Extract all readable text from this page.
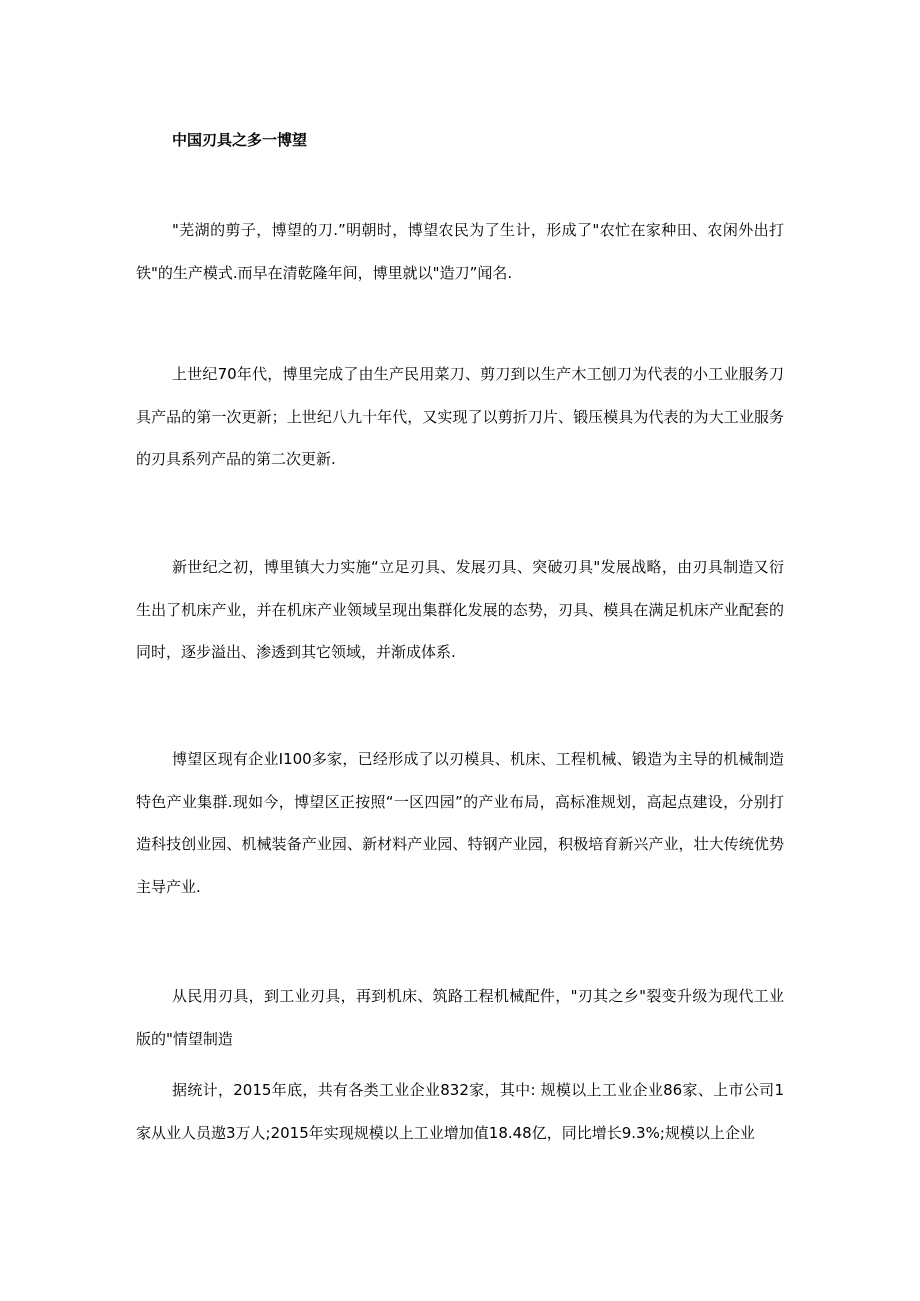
中国刃具之多一博望

"芜湖的剪子，博望的刀.”明朝时，博望农民为了生计，形成了"农忙在家种田、农闲外出打铁"的生产模式.而早在清乾隆年间，博里就以"造刀”闻名.

上世纪70年代，博里完成了由生产民用菜刀、剪刀到以生产木工刨刀为代表的小工业服务刀具产品的第一次更新；上世纪八九十年代，又实现了以剪折刀片、锻压模具为代表的为大工业服务的刃具系列产品的第二次更新.

新世纪之初，博里镇大力实施“立足刃具、发展刃具、突破刃具"发展战略，由刃具制造又衍生出了机床产业，并在机床产业领域呈现出集群化发展的态势，刃具、模具在满足机床产业配套的同时，逐步溢出、渗透到其它领域，并渐成体系.

博望区现有企业I100多家，已经形成了以刃模具、机床、工程机械、锻造为主导的机械制造特色产业集群.现如今，博望区正按照“一区四园”的产业布局，高标准规划，高起点建设，分别打造科技创业园、机械装备产业园、新材料产业园、特钢产业园，积极培育新兴产业，壮大传统优势主导产业.

从民用刃具，到工业刃具，再到机床、筑路工程机械配件，"刃其之乡"裂变升级为现代工业版的"情望制造

据统计，2015年底，共有各类工业企业832家，其中: 规模以上工业企业86家、上市公司1家从业人员遨3万人;2015年实现规模以上工业增加值18.48亿，同比增长9.3%;规模以上企业
